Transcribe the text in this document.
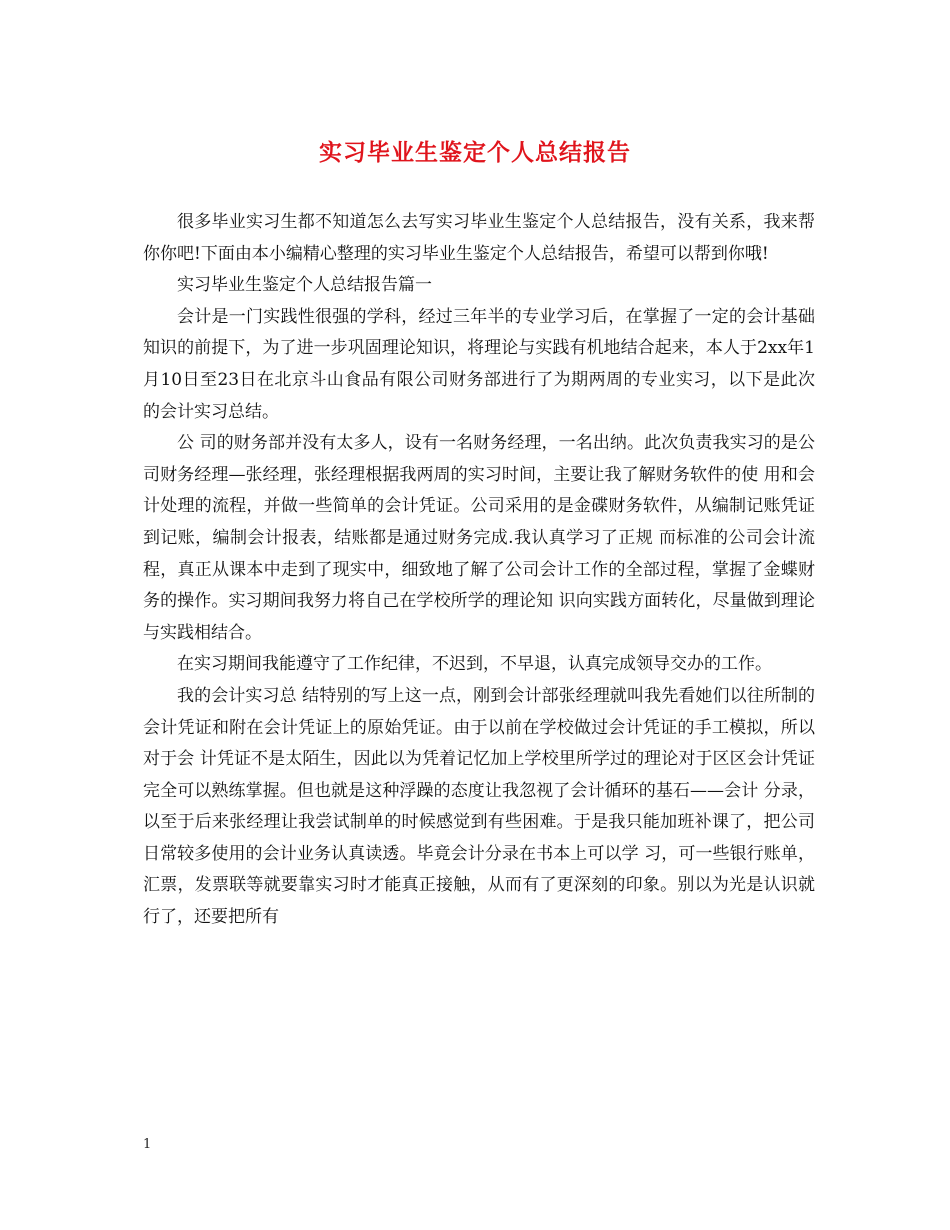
实习毕业生鉴定个人总结报告

很多毕业实习生都不知道怎么去写实习毕业生鉴定个人总结报告，没有关系，我来帮你你吧!下面由本小编精心整理的实习毕业生鉴定个人总结报告，希望可以帮到你哦!

实习毕业生鉴定个人总结报告篇一

会计是一门实践性很强的学科，经过三年半的专业学习后，在掌握了一定的会计基础知识的前提下，为了进一步巩固理论知识，将理论与实践有机地结合起来，本人于2xx年1月10日至23日在北京斗山食品有限公司财务部进行了为期两周的专业实习，以下是此次的会计实习总结。

公 司的财务部并没有太多人，设有一名财务经理，一名出纳。此次负责我实习的是公司财务经理—张经理，张经理根据我两周的实习时间，主要让我了解财务软件的使 用和会计处理的流程，并做一些简单的会计凭证。公司采用的是金碟财务软件，从编制记账凭证到记账，编制会计报表，结账都是通过财务完成.我认真学习了正规 而标准的公司会计流程，真正从课本中走到了现实中，细致地了解了公司会计工作的全部过程，掌握了金蝶财务的操作。实习期间我努力将自己在学校所学的理论知 识向实践方面转化，尽量做到理论与实践相结合。

在实习期间我能遵守了工作纪律，不迟到，不早退，认真完成领导交办的工作。

我的会计实习总 结特别的写上这一点，刚到会计部张经理就叫我先看她们以往所制的会计凭证和附在会计凭证上的原始凭证。由于以前在学校做过会计凭证的手工模拟，所以对于会 计凭证不是太陌生，因此以为凭着记忆加上学校里所学过的理论对于区区会计凭证完全可以熟练掌握。但也就是这种浮躁的态度让我忽视了会计循环的基石——会计 分录，以至于后来张经理让我尝试制单的时候感觉到有些困难。于是我只能加班补课了，把公司日常较多使用的会计业务认真读透。毕竟会计分录在书本上可以学 习，可一些银行账单，汇票，发票联等就要靠实习时才能真正接触，从而有了更深刻的印象。别以为光是认识就行了，还要把所有

1
